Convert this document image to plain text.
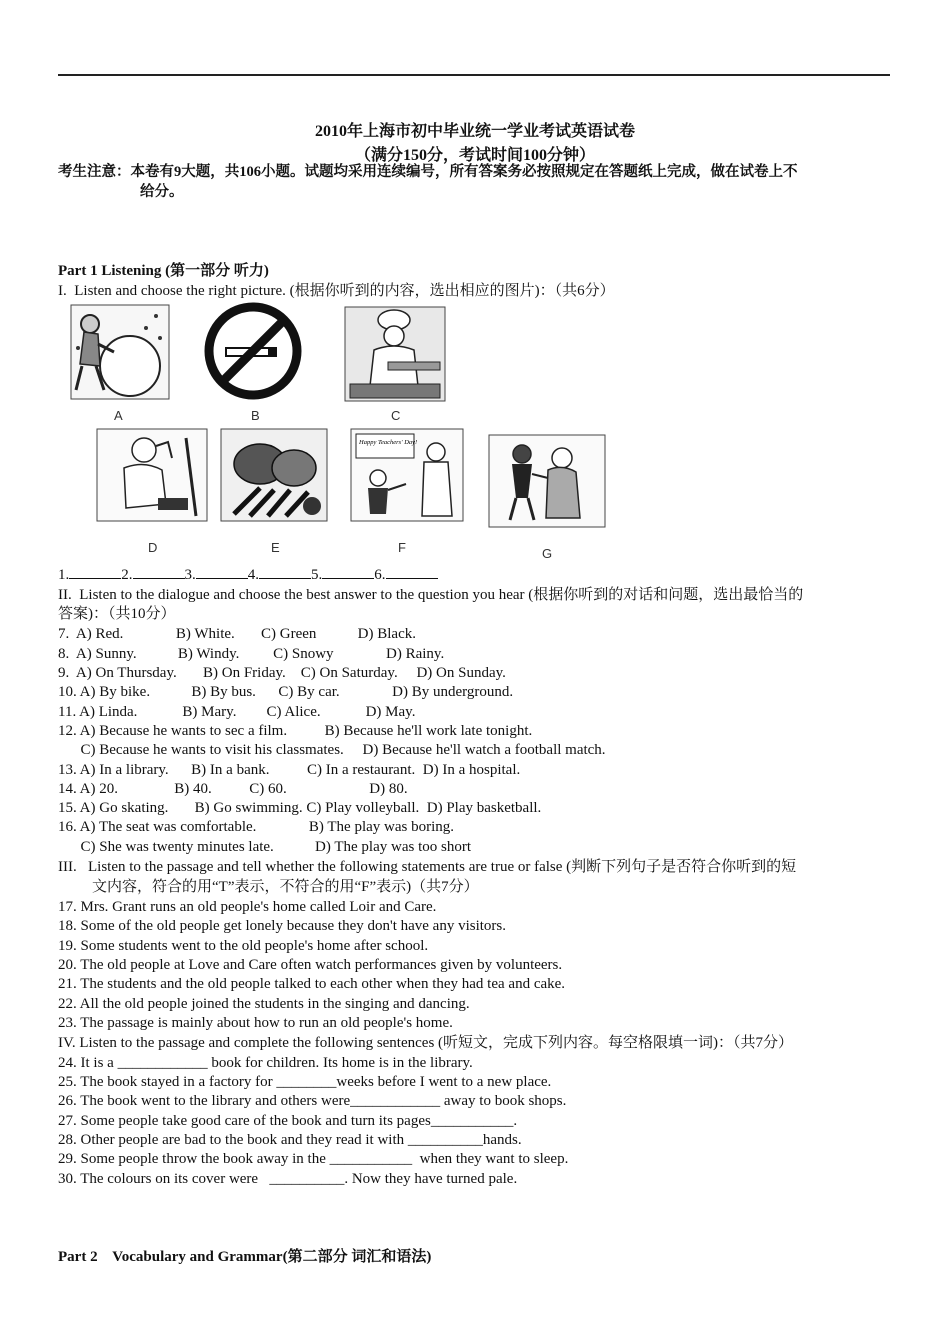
2010年上海市初中毕业统一学业考试英语试卷
（满分150分，考试时间100分钟）
考生注意：本卷有9大题，共106小题。试题均采用连续编号，所有答案务必按照规定在答题纸上完成，做在试卷上不
给分。
Part 1 Listening (第一部分 听力)
I.  Listen and choose the right picture. (根据你听到的内容，选出相应的图片)：（共6分）
A	B	C
D	E
Happy Teachers' Day!
F	G
1.	2.	3.	4.	5.	6.
II.  Listen to the dialogue and choose the best answer to the question you hear (根据你听到的对话和问题，选出最恰当的
答案)：（共10分）
7.  A) Red.              B) White.       C) Green           D) Black.
8.  A) Sunny.           B) Windy.         C) Snowy              D) Rainy.
9.  A) On Thursday.       B) On Friday.    C) On Saturday.     D) On Sunday.
10. A) By bike.           B) By bus.      C) By car.              D) By underground.
11. A) Linda.            B) Mary.        C) Alice.            D) May.
12. A) Because he wants to sec a film.          B) Because he'll work late tonight.
C) Because he wants to visit his classmates.     D) Because he'll watch a football match.
13. A) In a library.      B) In a bank.          C) In a restaurant.  D) In a hospital.
14. A) 20.               B) 40.          C) 60.                      D) 80.
15. A) Go skating.       B) Go swimming. C) Play volleyball.  D) Play basketball.
16. A) The seat was comfortable.              B) The play was boring.
C) She was twenty minutes late.           D) The play was too short
III.   Listen to the passage and tell whether the following statements are true or false (判断下列句子是否符合你听到的短
文内容，符合的用“T”表示，不符合的用“F”表示)（共7分）
17. Mrs. Grant runs an old people's home called Loir and Care.
18. Some of the old people get lonely because they don't have any visitors.
19. Some students went to the old people's home after school.
20. The old people at Love and Care often watch performances given by volunteers.
21. The students and the old people talked to each other when they had tea and cake.
22. All the old people joined the students in the singing and dancing.
23. The passage is mainly about how to run an old people's home.
IV. Listen to the passage and complete the following sentences (听短文，完成下列内容。每空格限填一词)：（共7分）
24. It is a ____________ book for children. Its home is in the library.
25. The book stayed in a factory for ________weeks before I went to a new place.
26. The book went to the library and others were____________ away to book shops.
27. Some people take good care of the book and turn its pages___________.
28. Other people are bad to the book and they read it with __________hands.
29. Some people throw the book away in the ___________  when they want to sleep.
30. The colours on its cover were   __________. Now they have turned pale.
Part 2    Vocabulary and Grammar(第二部分 词汇和语法)
